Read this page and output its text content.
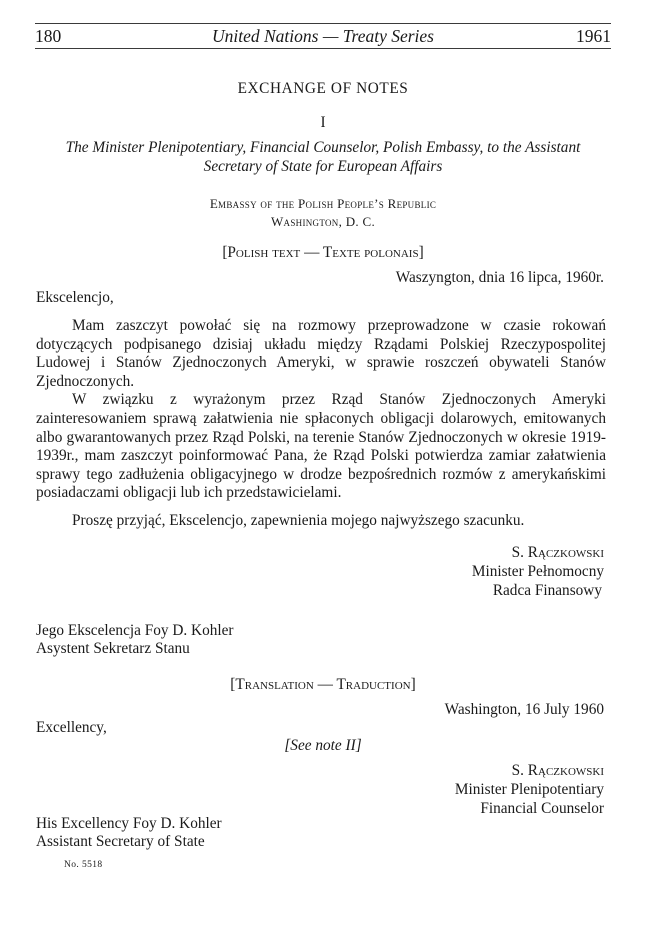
180	United Nations — Treaty Series	1961
EXCHANGE OF NOTES
I
The Minister Plenipotentiary, Financial Counselor, Polish Embassy, to the Assistant
Secretary of State for European Affairs
Embassy of the Polish People’s Republic
Washington, D. C.
[Polish text — Texte polonais]
Waszyngton, dnia 16 lipca, 1960r.
Ekscelencjo,

Mam zaszczyt powołać się na rozmowy przeprowadzone w czasie rokowań dotyczących podpisanego dzisiaj układu między Rządami Polskiej Rzeczypospolitej Ludowej i Stanów Zjednoczonych Ameryki, w sprawie roszczeń obywateli Stanów Zjednoczonych.

W związku z wyrażonym przez Rząd Stanów Zjednoczonych Ameryki zainteresowaniem sprawą załatwienia nie spłaconych obligacji dolarowych, emitowanych albo gwarantowanych przez Rząd Polski, na terenie Stanów Zjednoczonych w okresie 1919-1939r., mam zaszczyt poinformować Pana, że Rząd Polski potwierdza zamiar załatwienia sprawy tego zadłużenia obligacyjnego w drodze bezpośrednich rozmów z amerykańskimi posiadaczami obligacji lub ich przedstawicielami.

Proszę przyjąć, Ekscelencjo, zapewnienia mojego najwyższego szacunku.

S. Rączkowski
Minister Pełnomocny
Radca Finansowy
Jego Ekscelencja Foy D. Kohler
Asystent Sekretarz Stanu
[Translation — Traduction]
Washington, 16 July 1960
Excellency,
[See note II]
S. Rączkowski
Minister Plenipotentiary
Financial Counselor
His Excellency Foy D. Kohler
Assistant Secretary of State
No. 5518
